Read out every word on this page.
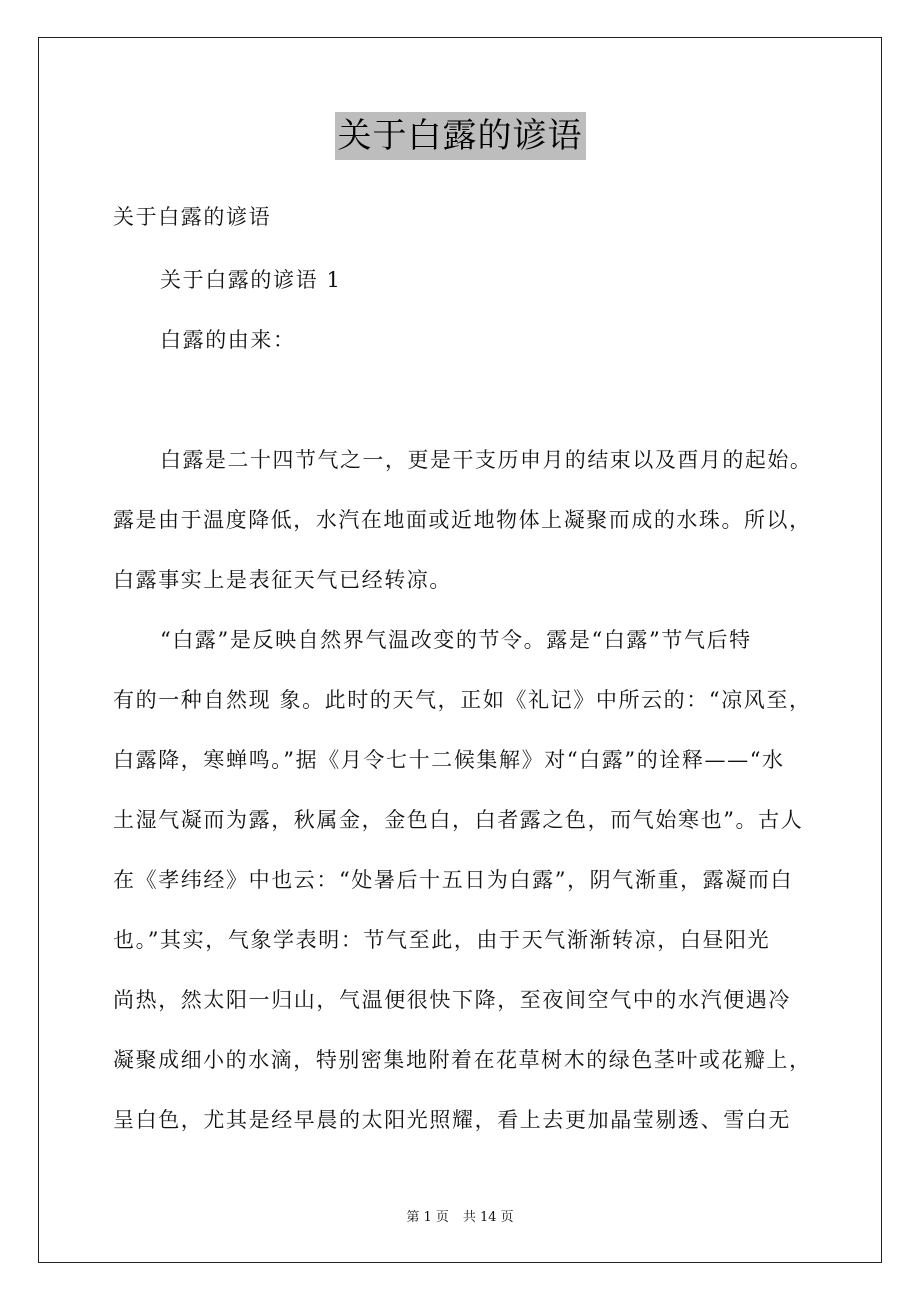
关于白露的谚语
关于白露的谚语
关于白露的谚语 1
白露的由来：
白露是二十四节气之一，更是干支历申月的结束以及酉月的起始。
露是由于温度降低，水汽在地面或近地物体上凝聚而成的水珠。所以，
白露事实上是表征天气已经转凉。
“白露”是反映自然界气温改变的节令。露是“白露”节气后特
有的一种自然现 象。此时的天气，正如《礼记》中所云的：“凉风至，
白露降，寒蝉鸣。”据《月令七十二候集解》对“白露”的诠释——“水
土湿气凝而为露，秋属金，金色白，白者露之色，而气始寒也”。古人
在《孝纬经》中也云：“处暑后十五日为白露”，阴气渐重，露凝而白
也。”其实，气象学表明：节气至此，由于天气渐渐转凉，白昼阳光
尚热，然太阳一归山，气温便很快下降，至夜间空气中的水汽便遇冷
凝聚成细小的水滴，特别密集地附着在花草树木的绿色茎叶或花瓣上，
呈白色，尤其是经早晨的太阳光照耀，看上去更加晶莹剔透、雪白无
第 1 页 共 14 页
